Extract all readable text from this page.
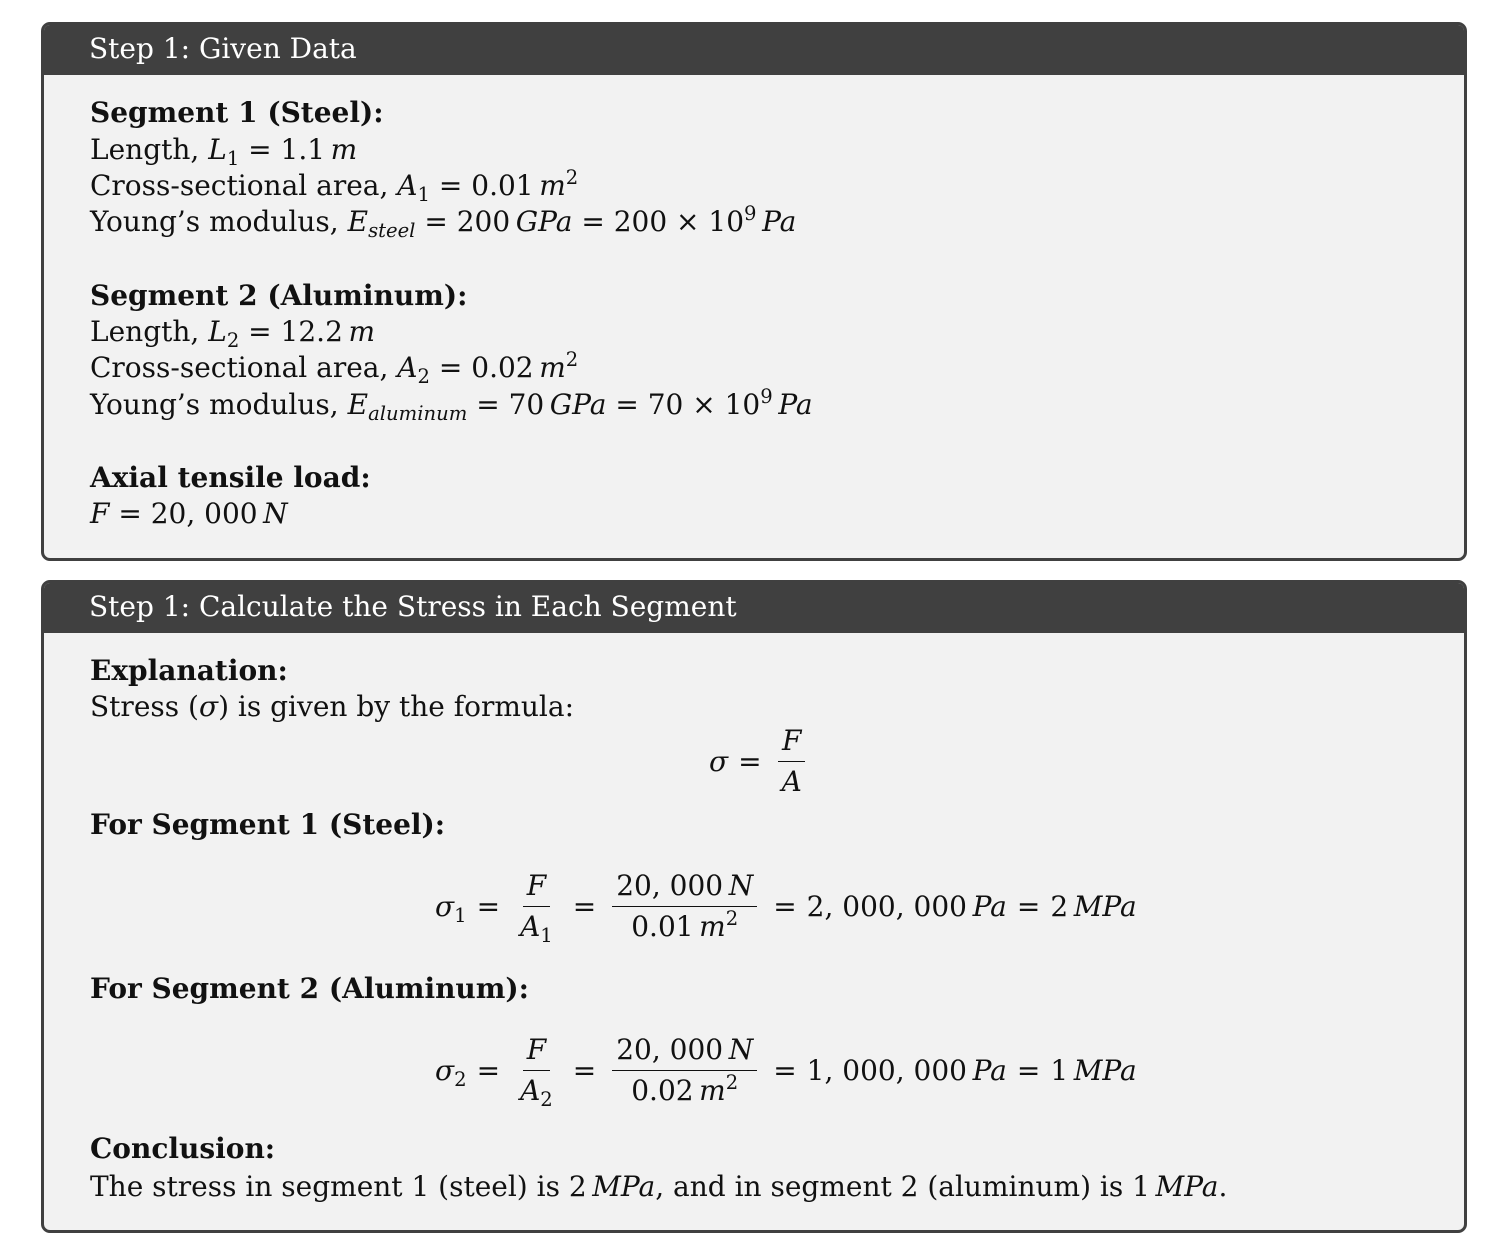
Step 1: Given Data
Segment 1 (Steel):
Length, $L_1 = 1.1$  m
Cross-sectional area, $A_1 = 0.01$  $m^2$
Young’s modulus, $E_{steel} = 200$  GPa = $200 \times 10^9$  Pa
Segment 2 (Aluminum):
Length, $L_2 = 12.2$  m
Cross-sectional area, $A_2 = 0.02$  $m^2$
Young’s modulus, $E_{aluminum} = 70$  GPa = $70 \times 10^9$  Pa
Axial tensile load:
F = 20, 000  N
Step 1: Calculate the Stress in Each Segment
Explanation:
Stress (σ) is given by the formula:
$\sigma = \frac{F}{A}$
For Segment 1 (Steel):
$\sigma_1 = \frac{F}{A_1} = \frac{20, 000 N}{0.01 m^2} = 2$, 000, 000
  Pa = 2
  MPa
For Segment 2 (Aluminum):
$\sigma_2 = \frac{F}{A_2} = \frac{20, 000 N}{0.02 m^2} = 1$, 000, 000
  Pa = 1
  MPa
Conclusion:
The stress in segment 1 (steel) is 2  MPa, and in segment 2 (aluminum) is 1  MPa.
